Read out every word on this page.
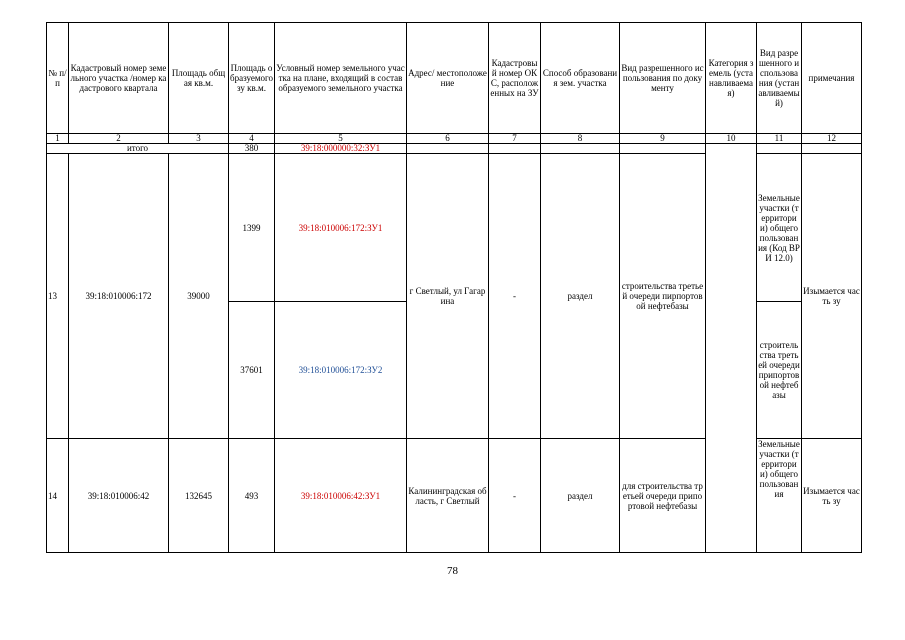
№ п/п	Кадастровый номер земельного участка /номер кадастрового квартала	Площадь общая кв.м.	Площадь образуемого зу кв.м.	Условный номер земельного участка на плане, входящий в состав образуемого земельного участка	Адрес/ местоположение	Кадастровый номер ОКС, расположенных на ЗУ	Способ образования зем. участка	Вид разрешенного использования по документу	Категория земель (устанавливаемая)	Вид разрешенного использования (устанавливаемый)	примечания
1	2	3	4	5	6	7	8	9	10	11	12
итого			380	39:18:000000:32:ЗУ1							
13	39:18:010006:172	39000	1399	39:18:010006:172:ЗУ1	г Светлый, ул Гагарина	-	раздел	строительства третьей очереди пирпортовой нефтебазы		Земельные участки (территории) общего пользования (Код ВРИ 12.0)	Изымается часть зу
			37601	39:18:010006:172:ЗУ2						строительства третьей очереди припортовой нефтебазы	
14	39:18:010006:42	132645	493	39:18:010006:42:ЗУ1	Калининградская область, г Светлый	-	раздел	для строительства третьей очереди припортовой нефтебазы		Земельные участки (территории) общего пользования	Изымается часть зу
78
